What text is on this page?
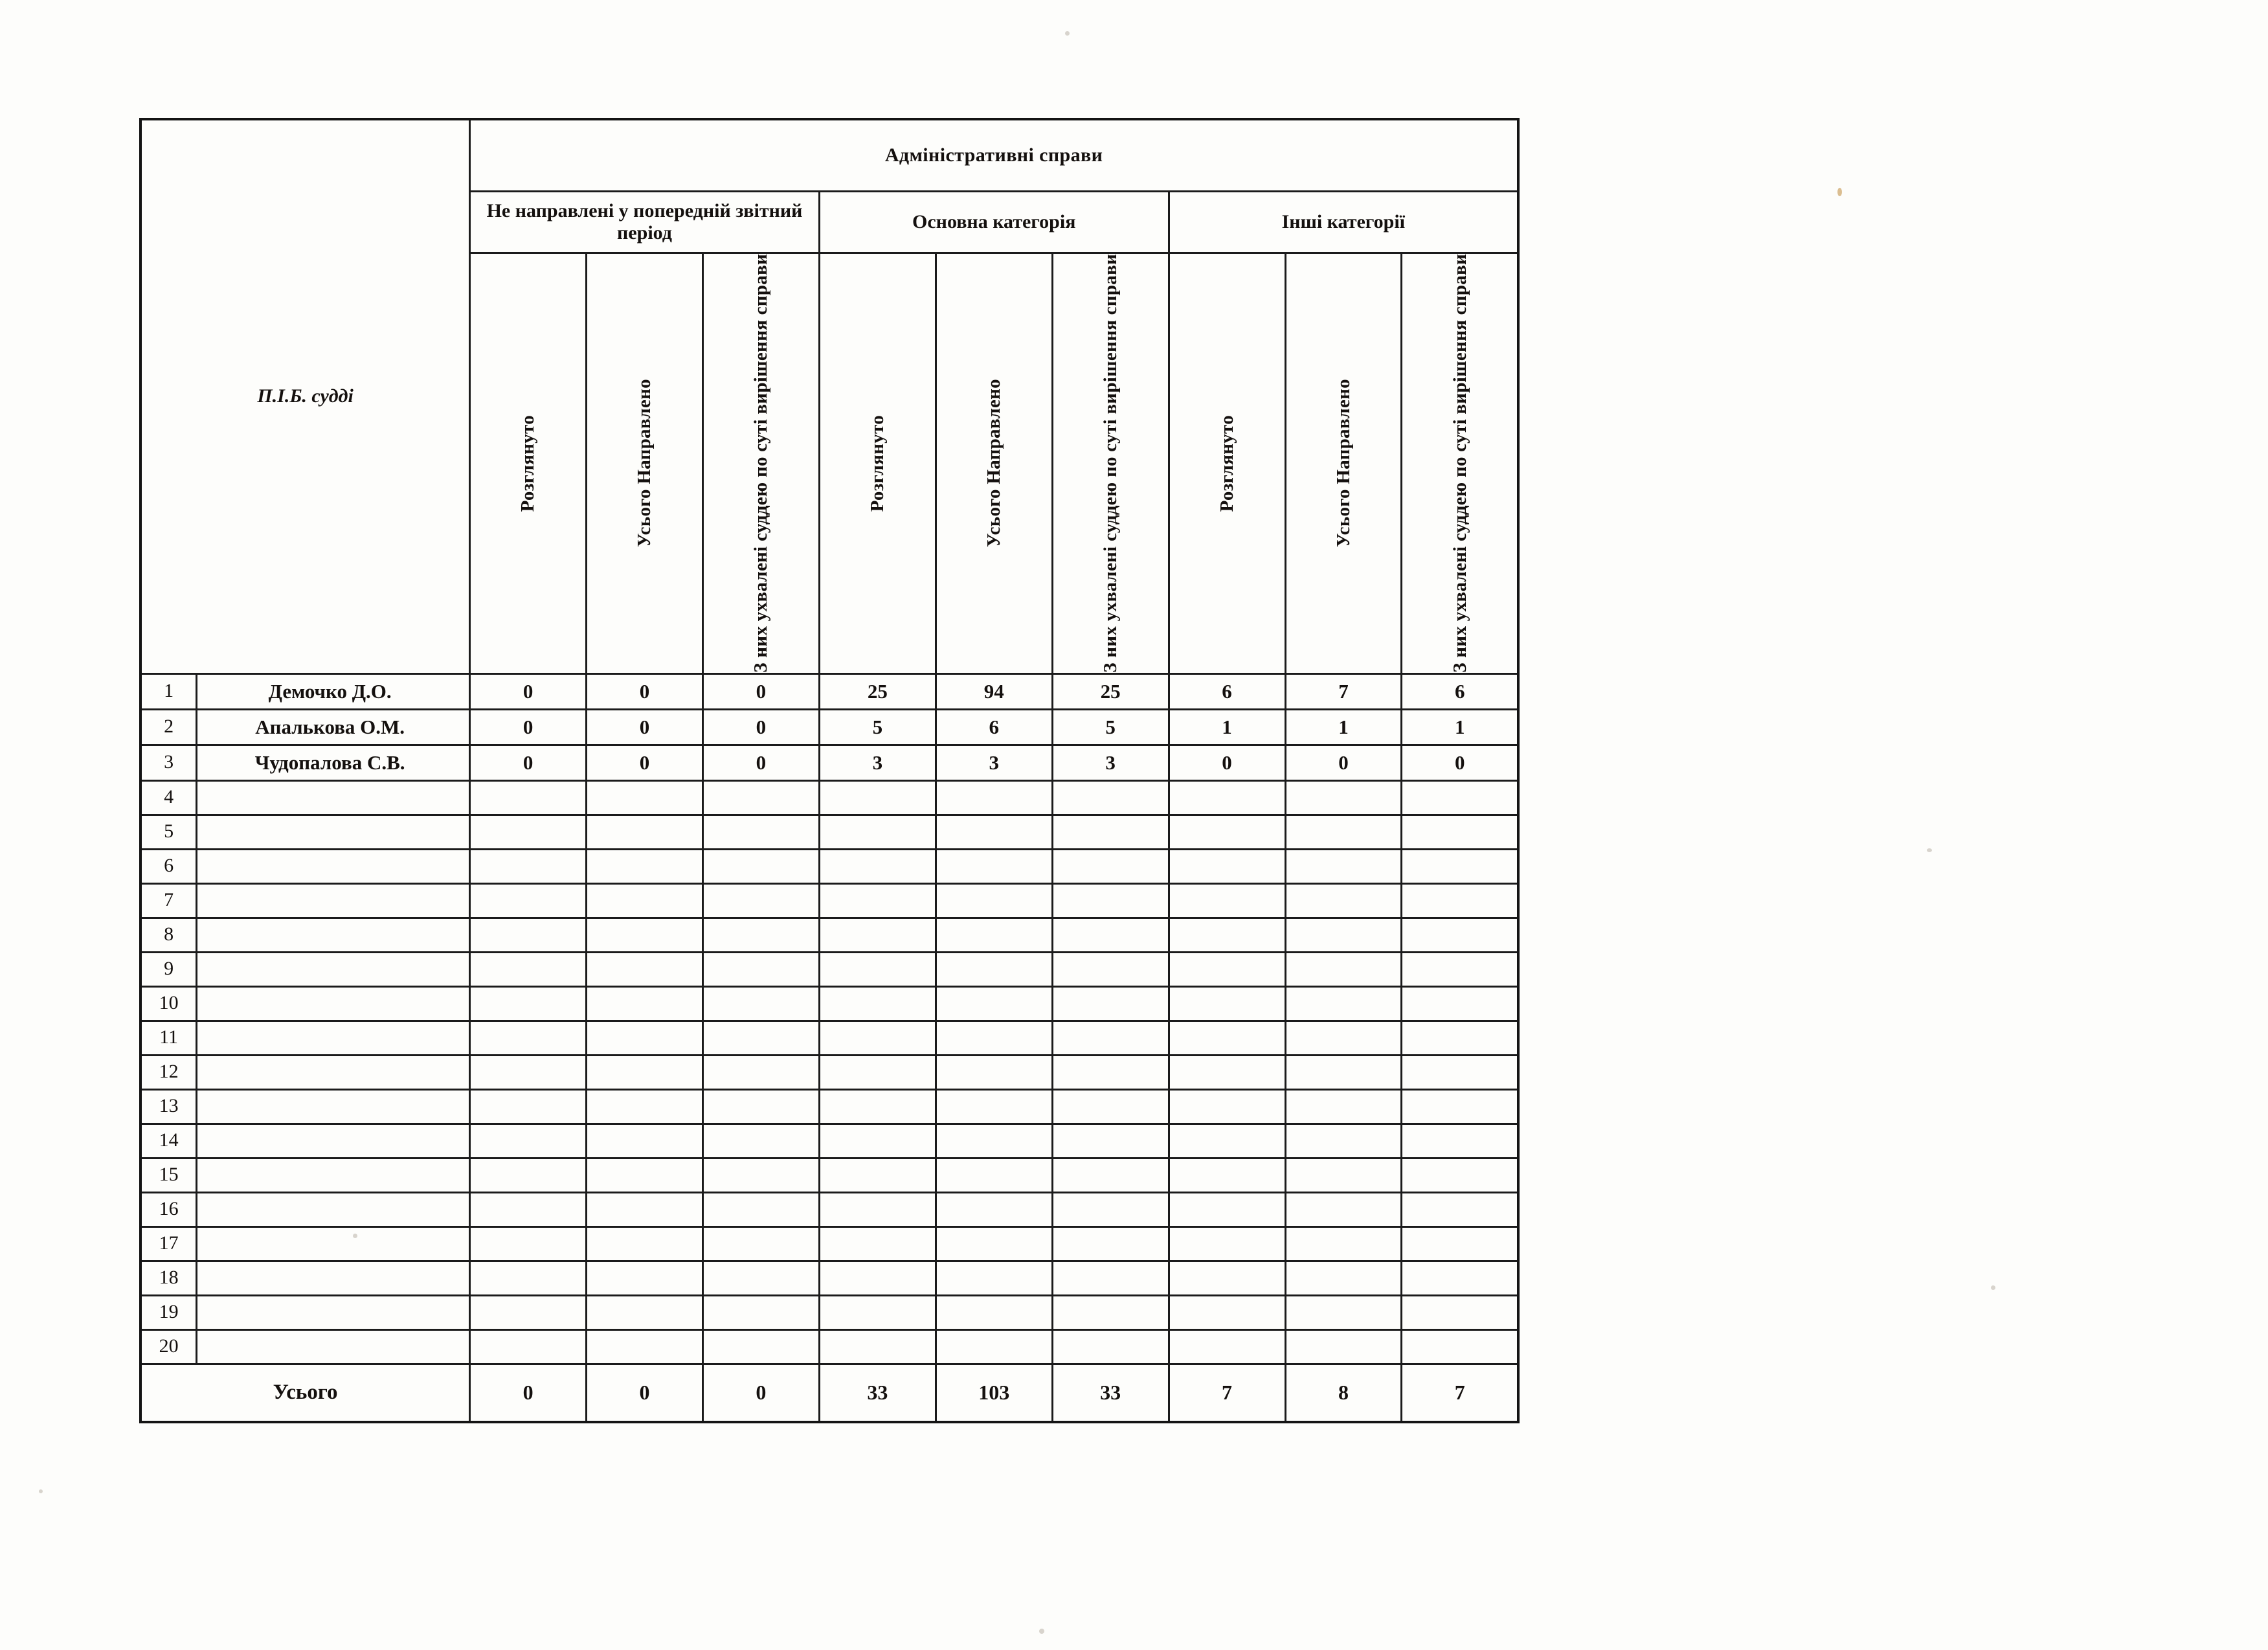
П.І.Б. судді		Адміністративні справи								
		Не направлені у попередній звітний період			Основна категорія			Інші категорії		

		Розглянуто	Усього Направлено	З них ухвалені суддею по суті вирішення справи	Розглянуто	Усього Направлено	З них ухвалені суддею по суті вирішення справи	Розглянуто	Усього Направлено	З них ухвалені суддею по суті вирішення справи

1	Демочко Д.О.	0	0	0	25	94	25	6	7	6
2	Апалькова О.М.	0	0	0	5	6	5	1	1	1
3	Чудопалова С.В.	0	0	0	3	3	3	0	0	0
4										
5										
6										
7										
8										
9										
10										
11										
12										
13										
14										
15										
16										
17										
18										
19										
20										
Усього		0	0	0	33	103	33	7	8	7
